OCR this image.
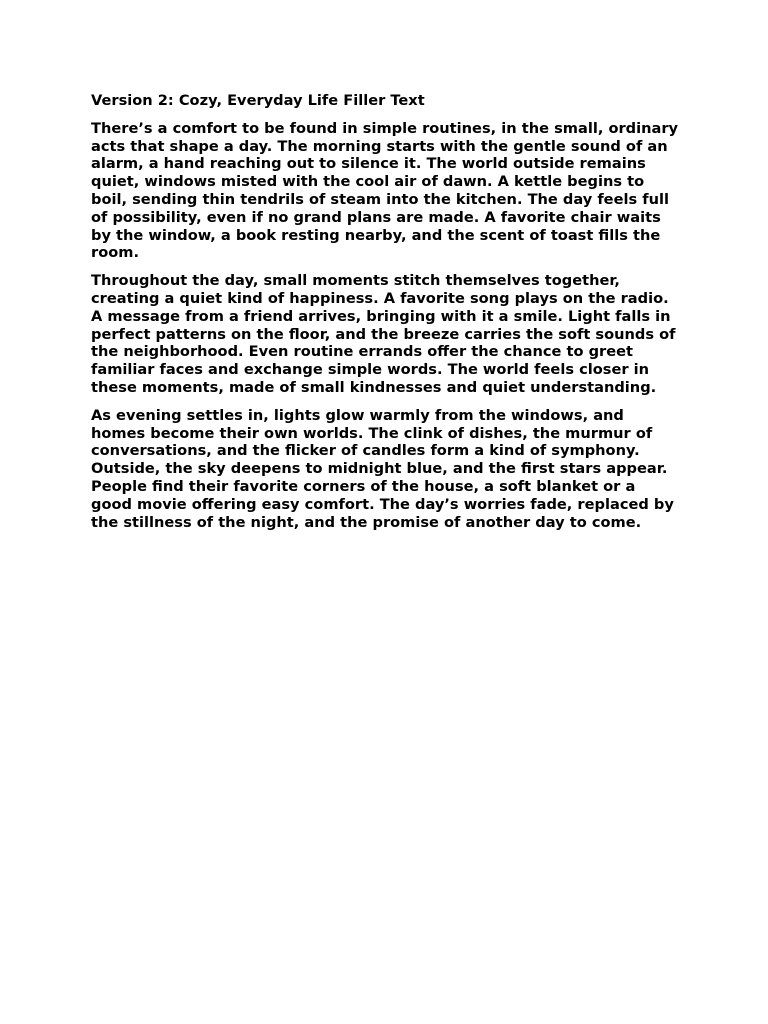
Version 2: Cozy, Everyday Life Filler Text

There’s a comfort to be found in simple routines, in the small, ordinary acts that shape a day. The morning starts with the gentle sound of an alarm, a hand reaching out to silence it. The world outside remains quiet, windows misted with the cool air of dawn. A kettle begins to boil, sending thin tendrils of steam into the kitchen. The day feels full of possibility, even if no grand plans are made. A favorite chair waits by the window, a book resting nearby, and the scent of toast fills the room.

Throughout the day, small moments stitch themselves together, creating a quiet kind of happiness. A favorite song plays on the radio. A message from a friend arrives, bringing with it a smile. Light falls in perfect patterns on the floor, and the breeze carries the soft sounds of the neighborhood. Even routine errands offer the chance to greet familiar faces and exchange simple words. The world feels closer in these moments, made of small kindnesses and quiet understanding.

As evening settles in, lights glow warmly from the windows, and homes become their own worlds. The clink of dishes, the murmur of conversations, and the flicker of candles form a kind of symphony. Outside, the sky deepens to midnight blue, and the first stars appear. People find their favorite corners of the house, a soft blanket or a good movie offering easy comfort. The day’s worries fade, replaced by the stillness of the night, and the promise of another day to come.
